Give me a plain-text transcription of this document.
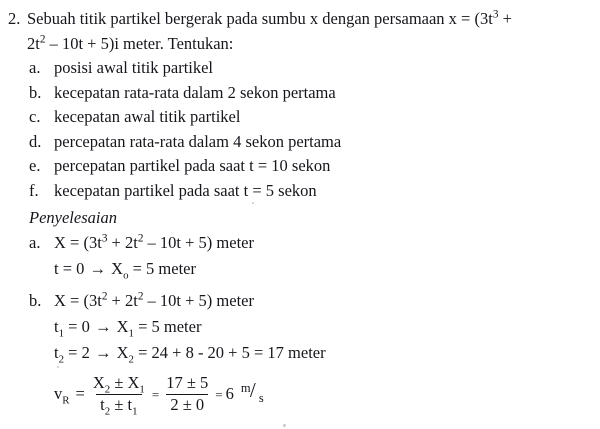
2. Sebuah titik partikel bergerak pada sumbu x dengan persamaan $x = (3t^3$ +
$2t^2 - 10t + 5)i$ meter. Tentukan:
a. posisi awal titik partikel
b. kecepatan rata-rata dalam 2 sekon pertama
c. kecepatan awal titik partikel
d. percepatan rata-rata dalam 4 sekon pertama
e. percepatan partikel pada saat t = 10 sekon
f. kecepatan partikel pada saat t = 5 sekon
Penyelesaian
a. $X = (3t^3 + 2t^2 - 10t + 5)$ meter
$t = 0 \to X_o = 5$ meter
b. $X = (3t^2 + 2t^2 - 10t + 5)$ meter
$t_1 = 0 \to X_1 = 5$ meter
$t_2 = 2 \to X_2 = 24 + 8 - 20 + 5 = 17$ meter
$v_R = \frac{X_2 \pm X_1}{t_2 \pm t_1} = \frac{17 \pm 5}{2 \pm 0} = 6$ m / s
